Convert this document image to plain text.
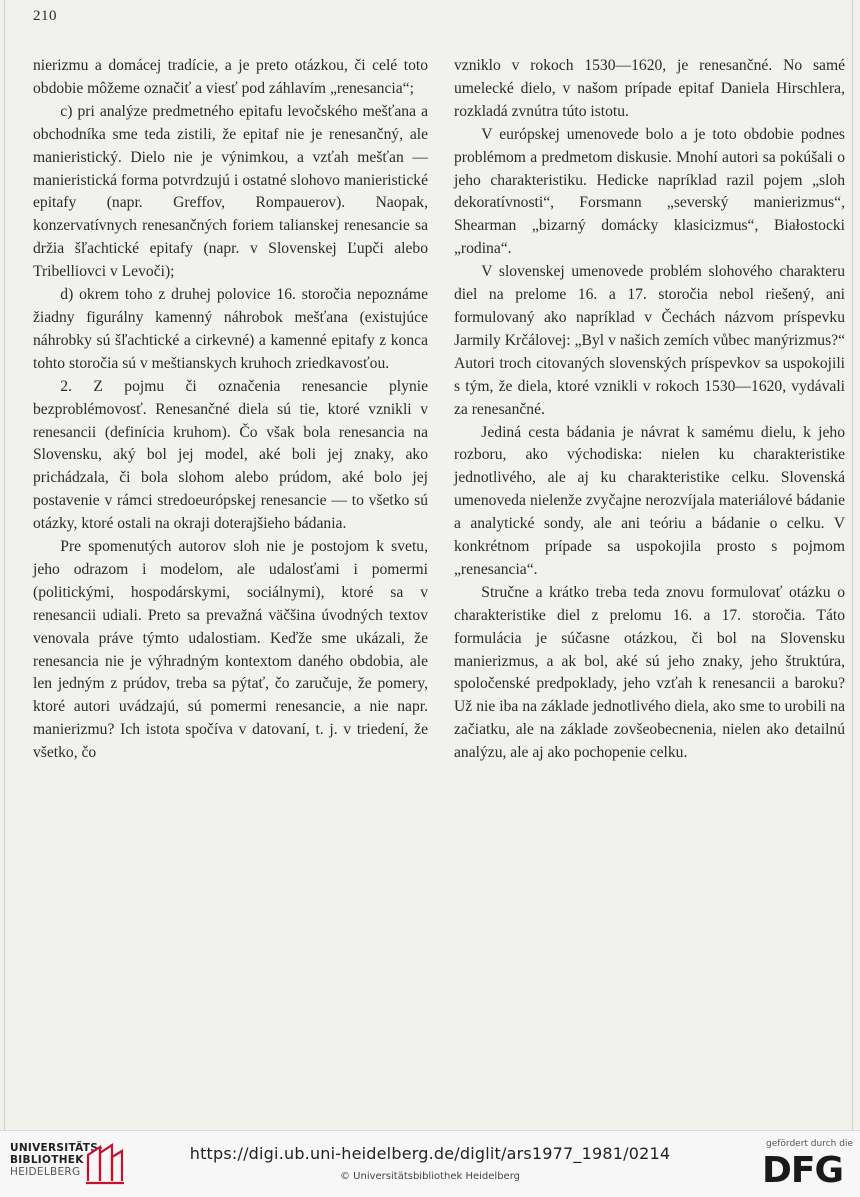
210

nierizmu a domácej tradície, a je preto otázkou, či celé toto obdobie môžeme označiť a viesť pod záhlavím „renesancia“;

c) pri analýze predmetného epitafu levočského mešťana a obchodníka sme teda zistili, že epitaf nie je renesančný, ale manieristický. Dielo nie je výnimkou, a vzťah mešťan — manieristická forma potvrdzujú i ostatné slohovo manieristické epitafy (napr. Greffov, Rompauerov). Naopak, konzervatívnych renesančných foriem talianskej renesancie sa držia šľachtické epitafy (napr. v Slovenskej Ľupči alebo Tribelliovci v Levoči);

d) okrem toho z druhej polovice 16. storočia nepoznáme žiadny figurálny kamenný náhrobok mešťana (existujúce náhrobky sú šľachtické a cirkevné) a kamenné epitafy z konca tohto storočia sú v meštianskych kruhoch zriedkavosťou.

2. Z pojmu či označenia renesancie plynie bezproblémovosť. Renesančné diela sú tie, ktoré vznikli v renesancii (definícia kruhom). Čo však bola renesancia na Slovensku, aký bol jej model, aké boli jej znaky, ako prichádzala, či bola slohom alebo prúdom, aké bolo jej postavenie v rámci stredoeurópskej renesancie — to všetko sú otázky, ktoré ostali na okraji doterajšieho bádania.

Pre spomenutých autorov sloh nie je postojom k svetu, jeho odrazom i modelom, ale udalosťami i pomermi (politickými, hospodárskymi, sociálnymi), ktoré sa v renesancii udiali. Preto sa prevažná väčšina úvodných textov venovala práve týmto udalostiam. Keďže sme ukázali, že renesancia nie je výhradným kontextom daného obdobia, ale len jedným z prúdov, treba sa pýtať, čo zaručuje, že pomery, ktoré autori uvádzajú, sú pomermi renesancie, a nie napr. manierizmu? Ich istota spočíva v datovaní, t. j. v triedení, že všetko, čo

vzniklo v rokoch 1530—1620, je renesančné. No samé umelecké dielo, v našom prípade epitaf Daniela Hirschlera, rozkladá zvnútra túto istotu.

V európskej umenovede bolo a je toto obdobie podnes problémom a predmetom diskusie. Mnohí autori sa pokúšali o jeho charakteristiku. Hedicke napríklad razil pojem „sloh dekoratívnosti“, Forsmann „severský manierizmus“, Shearman „bizarný domácky klasicizmus“, Białostocki „rodina“.

V slovenskej umenovede problém slohového charakteru diel na prelome 16. a 17. storočia nebol riešený, ani formulovaný ako napríklad v Čechách názvom príspevku Jarmily Krčálovej: „Byl v našich zemích vůbec manýrizmus?“ Autori troch citovaných slovenských príspevkov sa uspokojili s tým, že diela, ktoré vznikli v rokoch 1530—1620, vydávali za renesančné.

Jediná cesta bádania je návrat k samému dielu, k jeho rozboru, ako východiska: nielen ku charakteristike jednotlivého, ale aj ku charakteristike celku. Slovenská umenoveda nielenže zvyčajne nerozvíjala materiálové bádanie a analytické sondy, ale ani teóriu a bádanie o celku. V konkrétnom prípade sa uspokojila prosto s pojmom „renesancia“.

Stručne a krátko treba teda znovu formulovať otázku o charakteristike diel z prelomu 16. a 17. storočia. Táto formulácia je súčasne otázkou, či bol na Slovensku manierizmus, a ak bol, aké sú jeho znaky, jeho štruktúra, spoločenské predpoklady, jeho vzťah k renesancii a baroku? Už nie iba na základe jednotlivého diela, ako sme to urobili na začiatku, ale na základe zovšeobecnenia, nielen ako detailnú analýzu, ale aj ako pochopenie celku.

UNIVERSITÄTS-
BIBLIOTHEK
HEIDELBERG
https://digi.ub.uni-heidelberg.de/diglit/ars1977_1981/0214
© Universitätsbibliothek Heidelberg
gefördert durch die
DFG
